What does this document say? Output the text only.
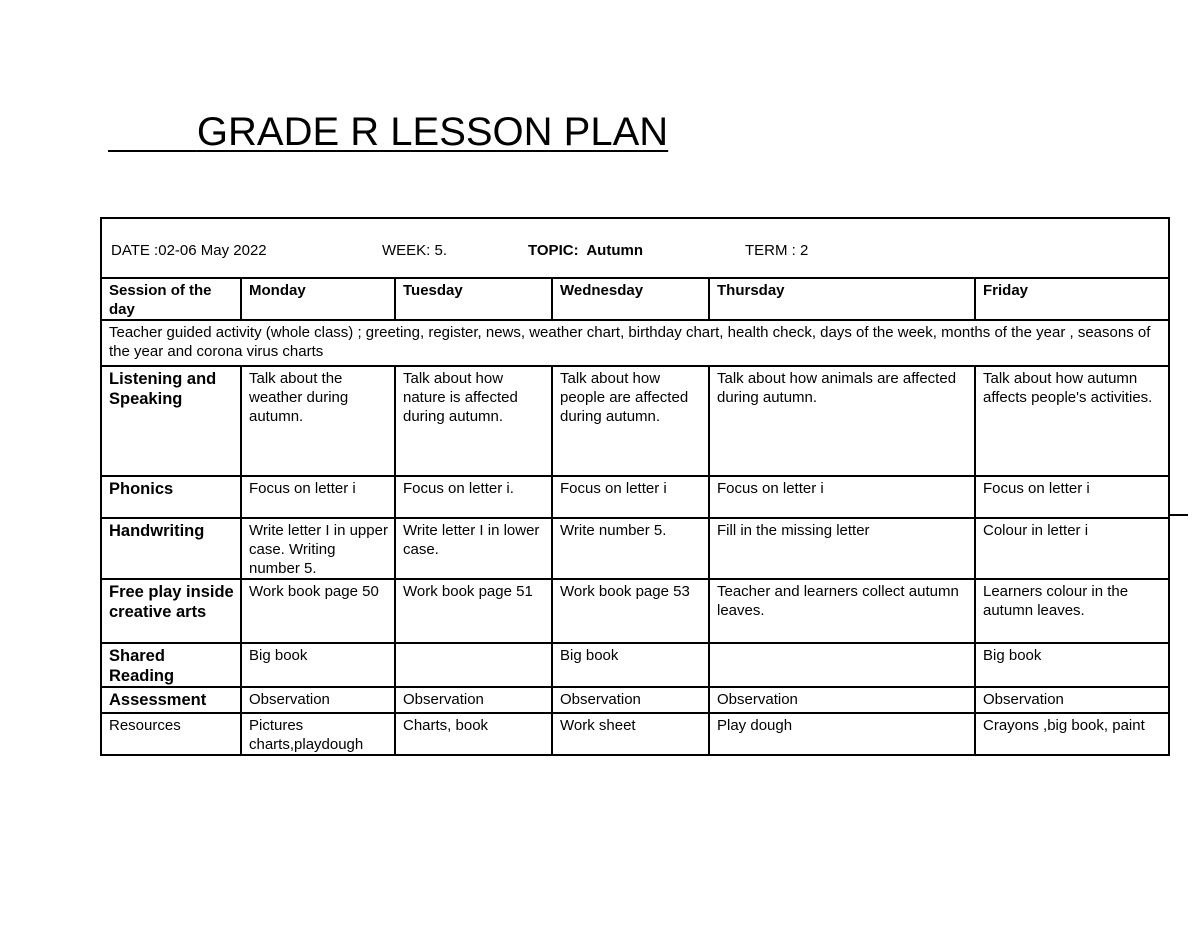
GRADE R LESSON PLAN
DATE :02-06 May 2022 WEEK: 5. TOPIC:  Autumn TERM : 2					

Session of the day	Monday	Tuesday	Wednesday	Thursday	Friday
Teacher guided activity (whole class) ; greeting, register, news, weather chart, birthday chart, health check, days of the week, months of the year , seasons of the year and corona virus charts					
Listening and Speaking	Talk about the weather during autumn.	Talk about how nature is affected during autumn.	Talk about how people are affected during autumn.	Talk about how animals are affected during autumn.	Talk about how autumn affects people's activities.
Phonics	Focus on letter i	Focus on letter i.	Focus on letter i	Focus on letter i	Focus on letter i
Handwriting	Write letter I in upper case. Writing number 5.	Write letter I in lower case.	Write number 5.	Fill in the missing letter	Colour in letter i
Free play inside creative arts	Work book page 50	Work book page 51	Work book page 53	Teacher and learners collect autumn leaves.	Learners colour in the autumn leaves.
Shared Reading	Big book		Big book		Big book
Assessment	Observation	Observation	Observation	Observation	Observation
Resources	Pictures charts,playdough	Charts, book	Work sheet	Play dough	Crayons ,big book, paint
